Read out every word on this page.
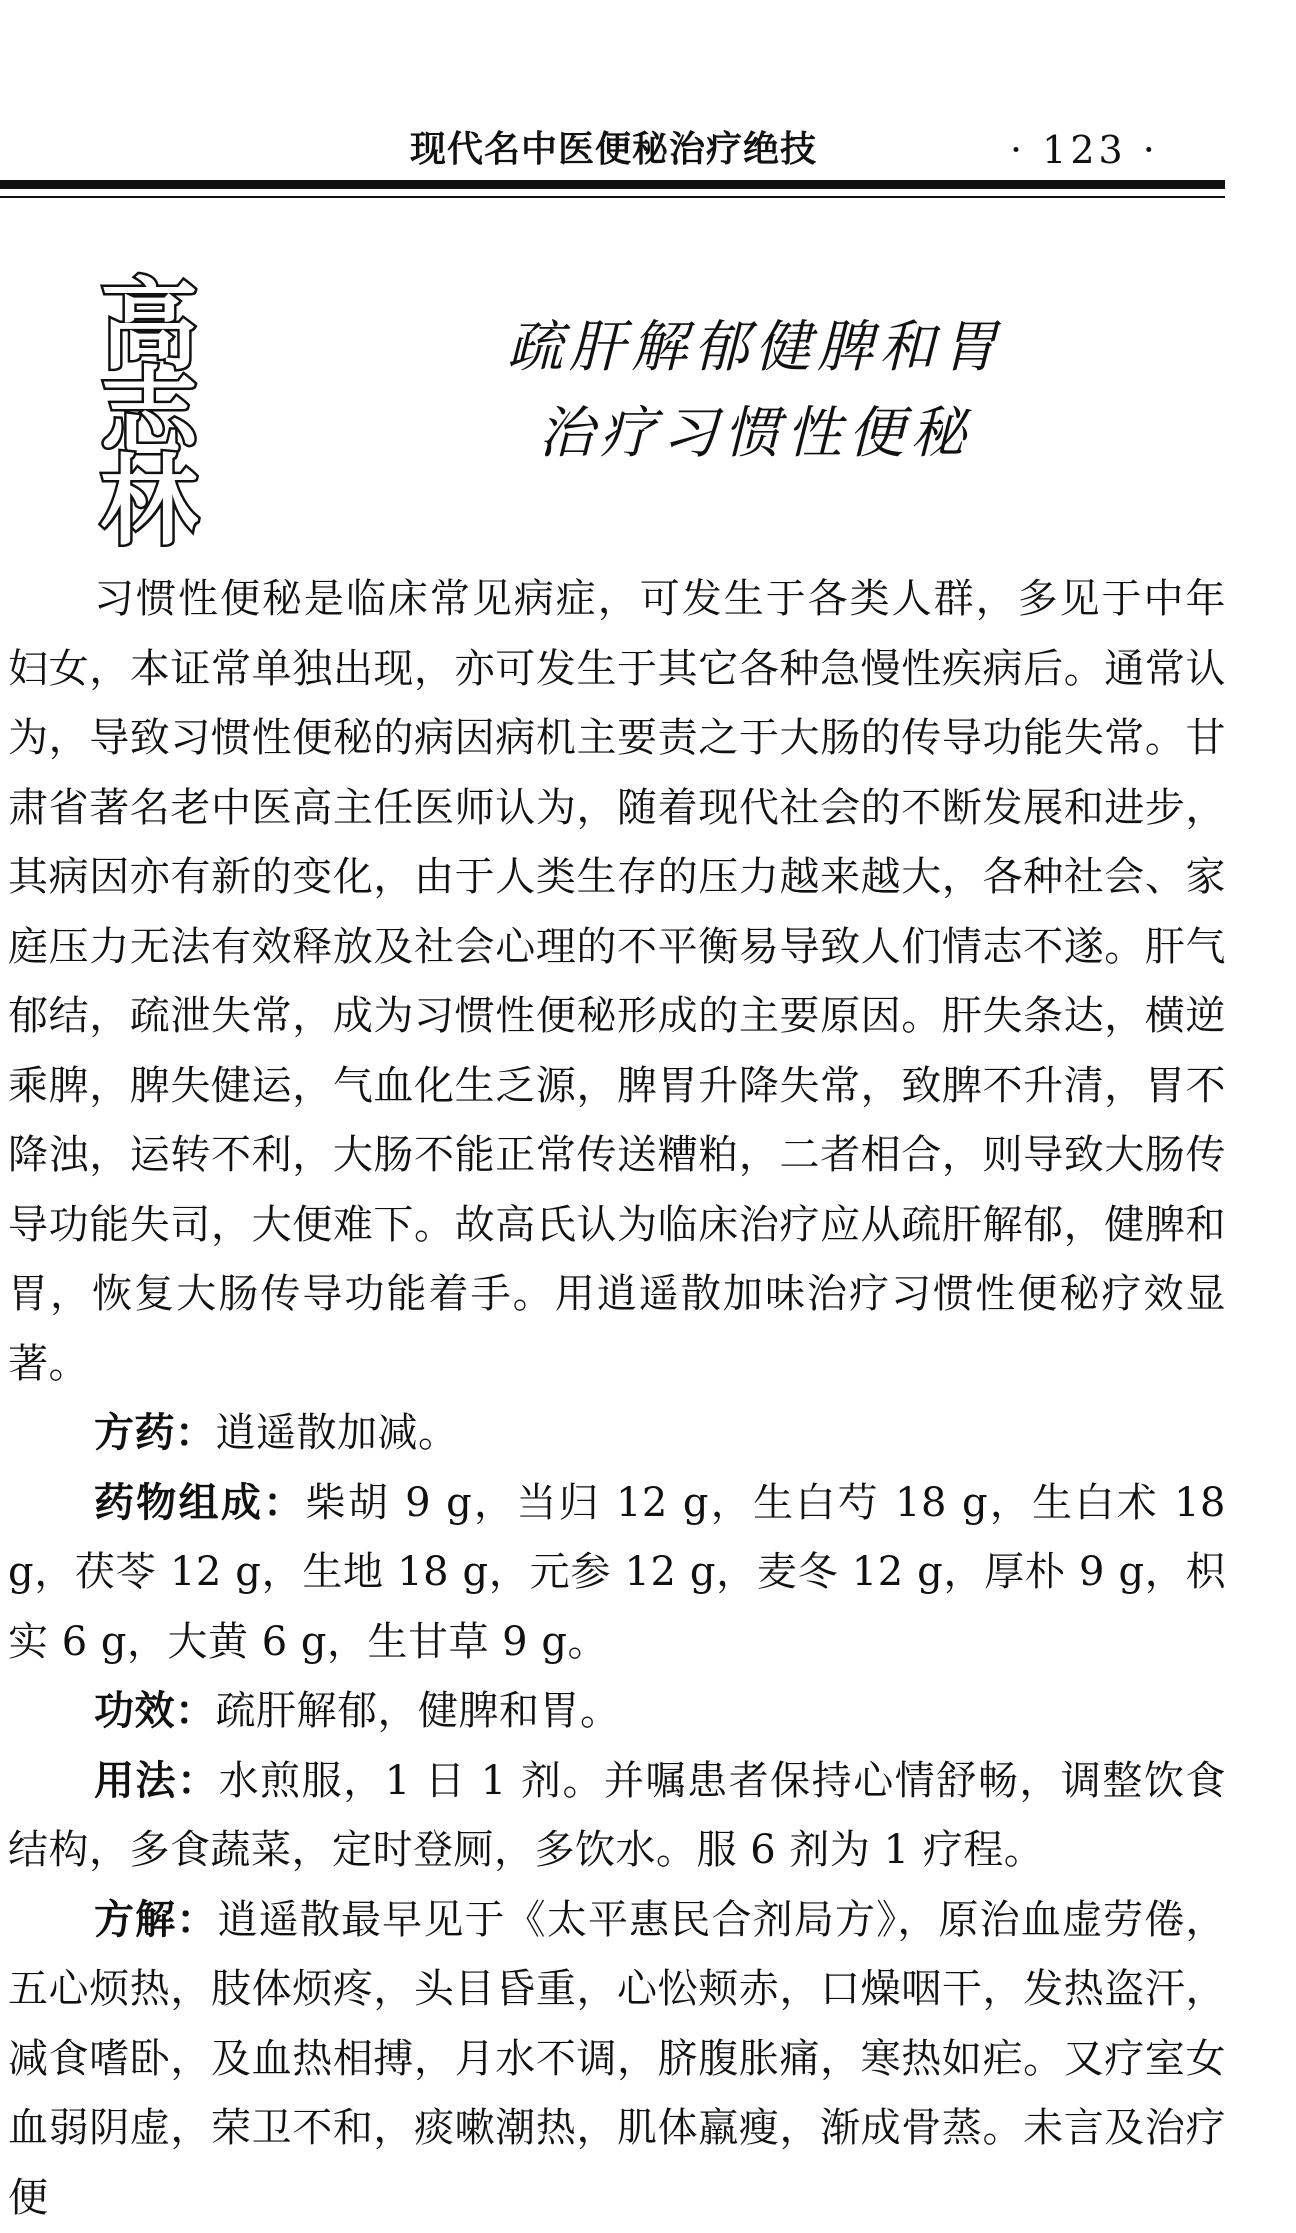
现代名中医便秘治疗绝技	· 123 ·
高
志
林
疏肝解郁健脾和胃
治疗习惯性便秘

习惯性便秘是临床常见病症，可发生于各类人群，多见于中年妇女，本证常单独出现，亦可发生于其它各种急慢性疾病后。通常认为，导致习惯性便秘的病因病机主要责之于大肠的传导功能失常。甘肃省著名老中医高主任医师认为，随着现代社会的不断发展和进步，其病因亦有新的变化，由于人类生存的压力越来越大，各种社会、家庭压力无法有效释放及社会心理的不平衡易导致人们情志不遂。肝气郁结，疏泄失常，成为习惯性便秘形成的主要原因。肝失条达，横逆乘脾，脾失健运，气血化生乏源，脾胃升降失常，致脾不升清，胃不降浊，运转不利，大肠不能正常传送糟粕，二者相合，则导致大肠传导功能失司，大便难下。故高氏认为临床治疗应从疏肝解郁，健脾和胃，恢复大肠传导功能着手。用逍遥散加味治疗习惯性便秘疗效显著。

方药：逍遥散加减。

药物组成：柴胡 9 g，当归 12 g，生白芍 18 g，生白术 18 g，茯苓 12 g，生地 18 g，元参 12 g，麦冬 12 g，厚朴 9 g，枳实 6 g，大黄 6 g，生甘草 9 g。

功效：疏肝解郁，健脾和胃。

用法：水煎服，1 日 1 剂。并嘱患者保持心情舒畅，调整饮食结构，多食蔬菜，定时登厕，多饮水。服 6 剂为 1 疗程。

方解：逍遥散最早见于《太平惠民合剂局方》，原治血虚劳倦，五心烦热，肢体烦疼，头目昏重，心忪颊赤，口燥咽干，发热盗汗，减食嗜卧，及血热相搏，月水不调，脐腹胀痛，寒热如疟。又疗室女血弱阴虚，荣卫不和，痰嗽潮热，肌体羸瘦，渐成骨蒸。未言及治疗便
